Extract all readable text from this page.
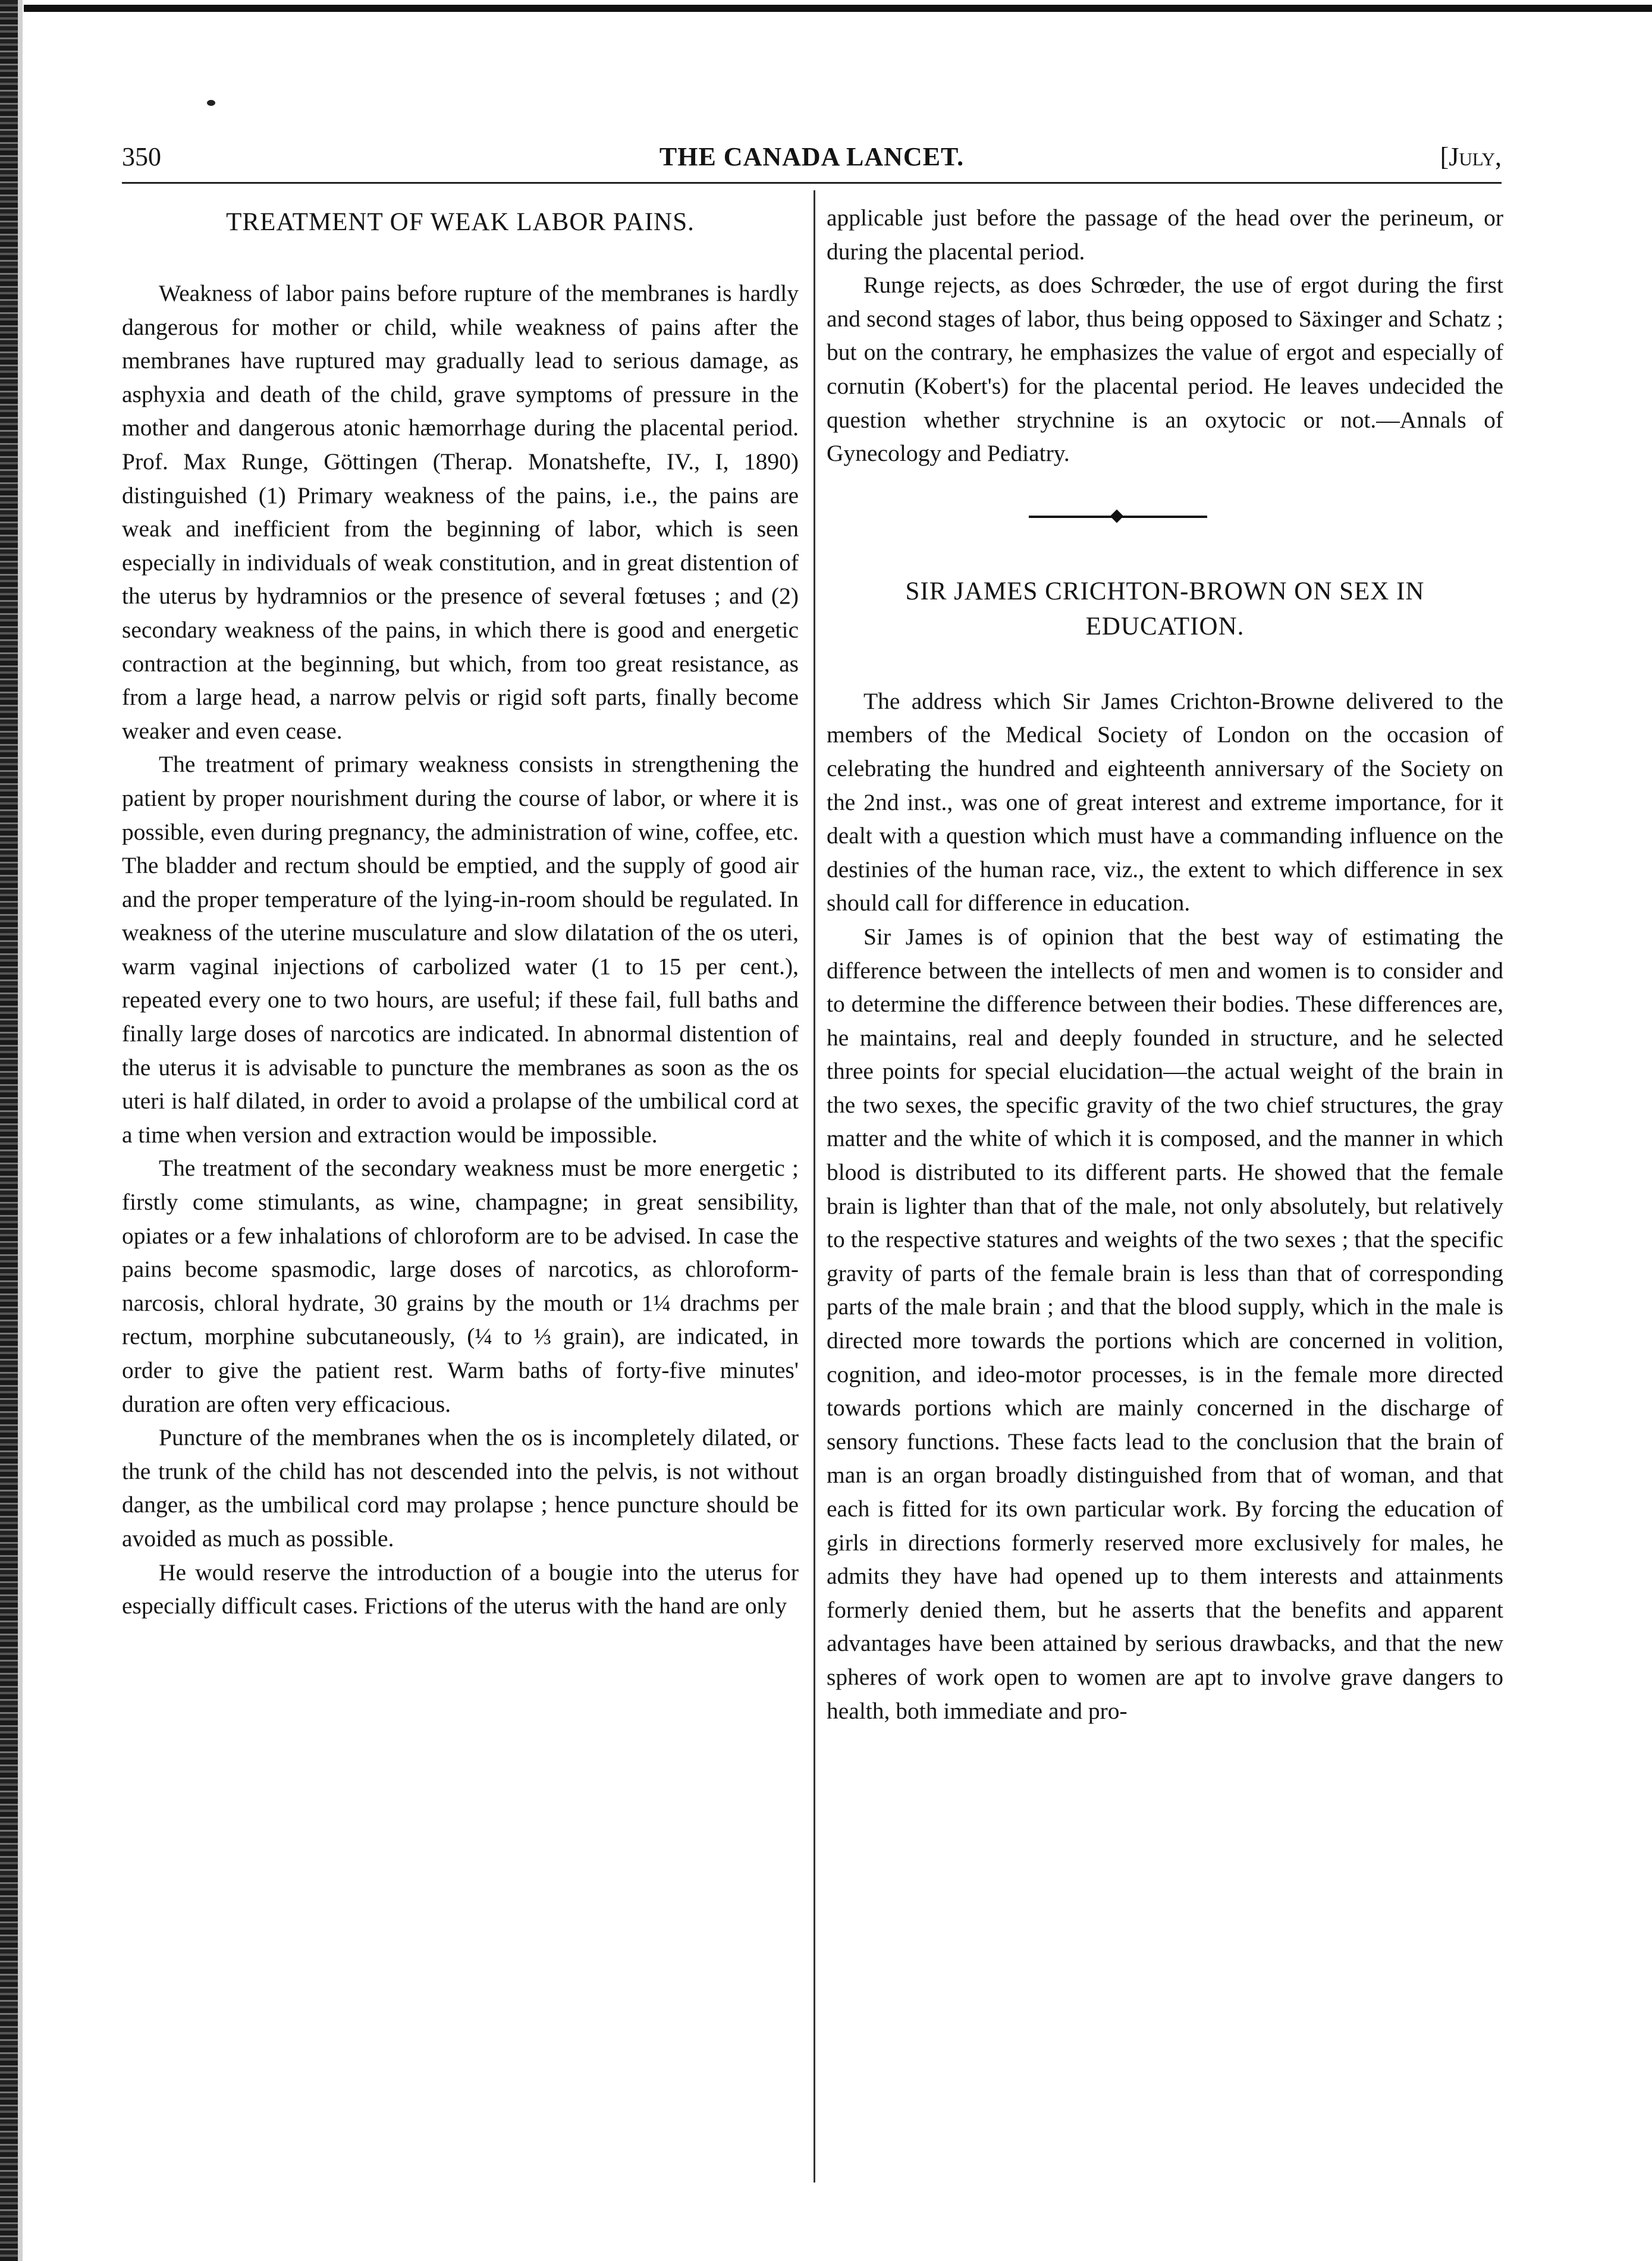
350	THE CANADA LANCET.	[July,
TREATMENT OF WEAK LABOR PAINS.

Weakness of labor pains before rupture of the membranes is hardly dangerous for mother or child, while weakness of pains after the membranes have ruptured may gradually lead to serious damage, as asphyxia and death of the child, grave symptoms of pressure in the mother and dangerous atonic hæmorrhage during the placental period. Prof. Max Runge, Göttingen (Therap. Monatshefte, IV., I, 1890) distinguished (1) Primary weakness of the pains, i.e., the pains are weak and inefficient from the beginning of labor, which is seen especially in individuals of weak constitution, and in great distention of the uterus by hydramnios or the presence of several fœtuses ; and (2) secondary weakness of the pains, in which there is good and energetic contraction at the beginning, but which, from too great resistance, as from a large head, a narrow pelvis or rigid soft parts, finally become weaker and even cease.

The treatment of primary weakness consists in strengthening the patient by proper nourishment during the course of labor, or where it is possible, even during pregnancy, the administration of wine, coffee, etc. The bladder and rectum should be emptied, and the supply of good air and the proper temperature of the lying-in-room should be regulated. In weakness of the uterine musculature and slow dilatation of the os uteri, warm vaginal injections of carbolized water (1 to 15 per cent.), repeated every one to two hours, are useful; if these fail, full baths and finally large doses of narcotics are indicated. In abnormal distention of the uterus it is advisable to puncture the membranes as soon as the os uteri is half dilated, in order to avoid a prolapse of the umbilical cord at a time when version and extraction would be impossible.

The treatment of the secondary weakness must be more energetic ; firstly come stimulants, as wine, champagne; in great sensibility, opiates or a few inhalations of chloroform are to be advised. In case the pains become spasmodic, large doses of narcotics, as chloroform-narcosis, chloral hydrate, 30 grains by the mouth or 1¼ drachms per rectum, morphine subcutaneously, (¼ to ⅓ grain), are indicated, in order to give the patient rest. Warm baths of forty-five minutes' duration are often very efficacious.

Puncture of the membranes when the os is incompletely dilated, or the trunk of the child has not descended into the pelvis, is not without danger, as the umbilical cord may prolapse ; hence puncture should be avoided as much as possible.

He would reserve the introduction of a bougie into the uterus for especially difficult cases. Frictions of the uterus with the hand are only

applicable just before the passage of the head over the perineum, or during the placental period.

Runge rejects, as does Schrœder, the use of ergot during the first and second stages of labor, thus being opposed to Säxinger and Schatz ; but on the contrary, he emphasizes the value of ergot and especially of cornutin (Kobert's) for the placental period. He leaves undecided the question whether strychnine is an oxytocic or not.—Annals of Gynecology and Pediatry.

SIR JAMES CRICHTON-BROWN ON SEX IN EDUCATION.

The address which Sir James Crichton-Browne delivered to the members of the Medical Society of London on the occasion of celebrating the hundred and eighteenth anniversary of the Society on the 2nd inst., was one of great interest and extreme importance, for it dealt with a question which must have a commanding influence on the destinies of the human race, viz., the extent to which difference in sex should call for difference in education.

Sir James is of opinion that the best way of estimating the difference between the intellects of men and women is to consider and to determine the difference between their bodies. These differences are, he maintains, real and deeply founded in structure, and he selected three points for special elucidation—the actual weight of the brain in the two sexes, the specific gravity of the two chief structures, the gray matter and the white of which it is composed, and the manner in which blood is distributed to its different parts. He showed that the female brain is lighter than that of the male, not only absolutely, but relatively to the respective statures and weights of the two sexes ; that the specific gravity of parts of the female brain is less than that of corresponding parts of the male brain ; and that the blood supply, which in the male is directed more towards the portions which are concerned in volition, cognition, and ideo-motor processes, is in the female more directed towards portions which are mainly concerned in the discharge of sensory functions. These facts lead to the conclusion that the brain of man is an organ broadly distinguished from that of woman, and that each is fitted for its own particular work. By forcing the education of girls in directions formerly reserved more exclusively for males, he admits they have had opened up to them interests and attainments formerly denied them, but he asserts that the benefits and apparent advantages have been attained by serious drawbacks, and that the new spheres of work open to women are apt to involve grave dangers to health, both immediate and pro-
